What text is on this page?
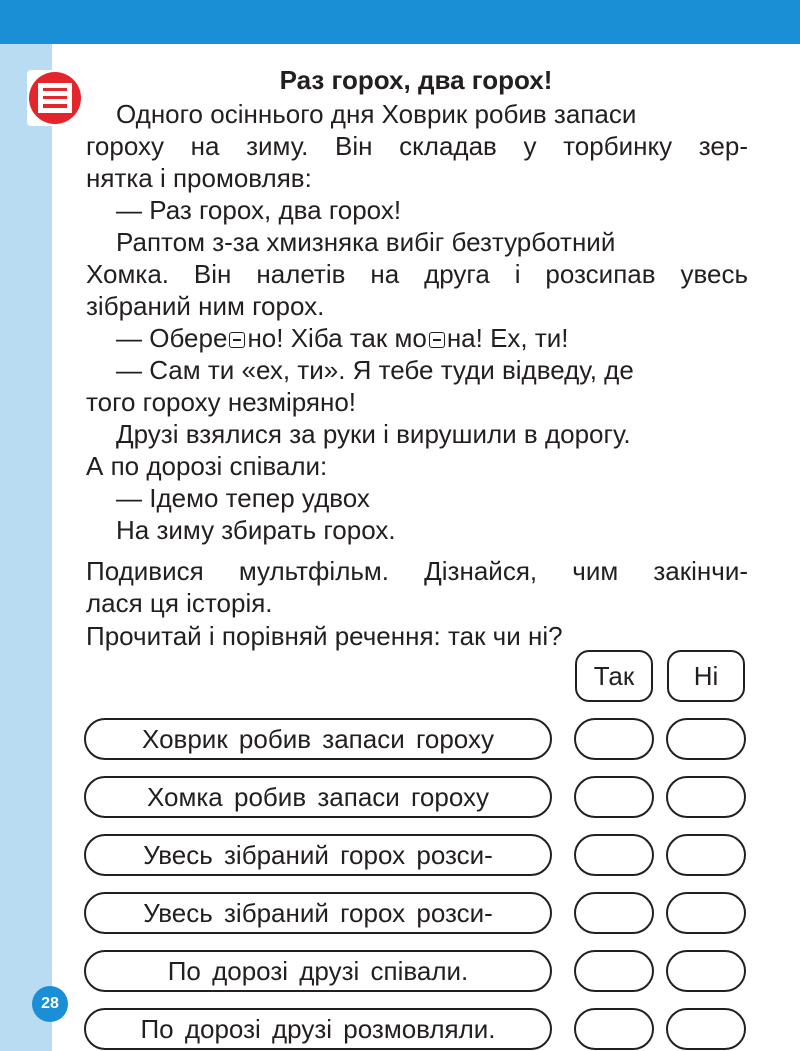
Раз горох, два горох!
Одного осіннього дня Ховрик робив запаси
гороху на зиму. Він складав у торбинку зер-
нятка і промовляв:
— Раз горох, два горох!
Раптом з-за хмизняка вибіг безтурботний
Хомка. Він налетів на друга і розсипав увесь
зібраний ним горох.
— Обере но! Хіба так мо на! Ех, ти!
— Сам ти «ех, ти». Я тебе туди відведу, де
того гороху незміряно!
Друзі взялися за руки і вирушили в дорогу.
А по дорозі співали:
— Ідемо тепер удвох
На зиму збирать горох.
Подивися мультфільм. Дізнайся, чим закінчи-
лася ця історія.
Прочитай і порівняй речення: так чи ні?
Так	Ні
Ховрик робив запаси гороху
Хомка робив запаси гороху
Увесь зібраний горох розси-
Увесь зібраний горох розси-
По дорозі друзі співали.
По дорозі друзі розмовляли.
28
